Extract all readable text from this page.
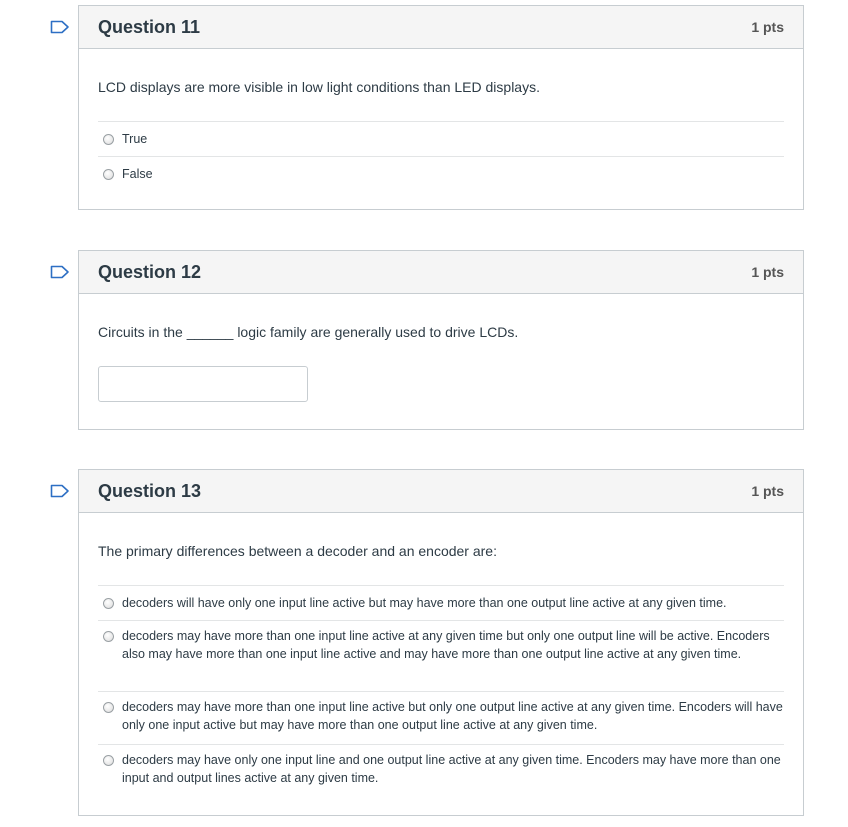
Question 11	1 pts
LCD displays are more visible in low light conditions than LED displays.
True
False
Question 12	1 pts
Circuits in the ______ logic family are generally used to drive LCDs.
Question 13	1 pts
The primary differences between a decoder and an encoder are:
decoders will have only one input line active but may have more than one output line active at any given time.
decoders may have more than one input line active at any given time but only one output line will be active. Encoders also may have more than one input line active and may have more than one output line active at any given time.
decoders may have more than one input line active but only one output line active at any given time. Encoders will have only one input active but may have more than one output line active at any given time.
decoders may have only one input line and one output line active at any given time. Encoders may have more than one input and output lines active at any given time.
